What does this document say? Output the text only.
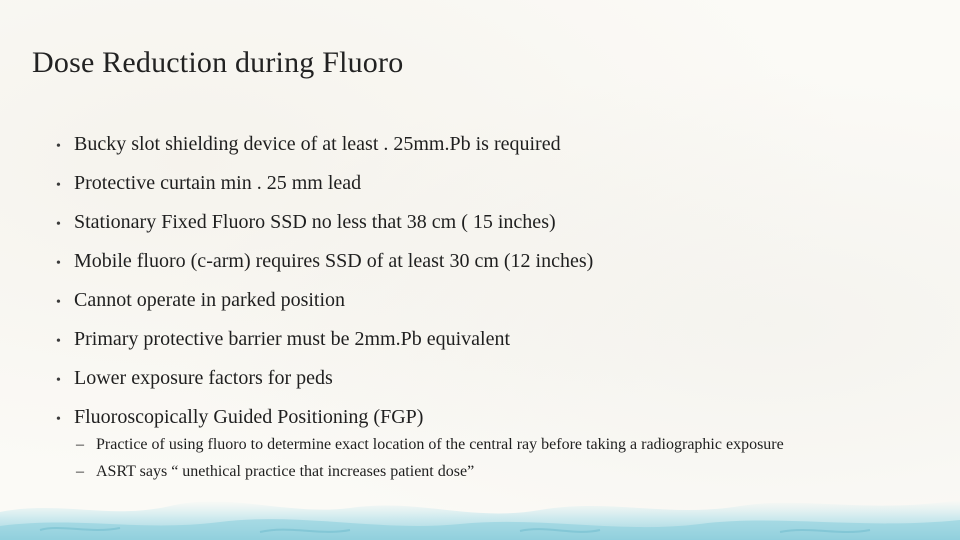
Dose Reduction during Fluoro
• Bucky slot shielding device of at least . 25mm.Pb is required
• Protective curtain min . 25 mm lead
• Stationary Fixed Fluoro SSD no less that 38 cm ( 15 inches)
• Mobile fluoro (c-arm) requires SSD of at least 30 cm (12 inches)
• Cannot operate in parked position
• Primary protective barrier must be 2mm.Pb equivalent
• Lower exposure factors for peds
• Fluoroscopically Guided Positioning (FGP)
– Practice of using fluoro to determine exact location of the central ray before taking a radiographic exposure
– ASRT says “ unethical practice that increases patient dose”
